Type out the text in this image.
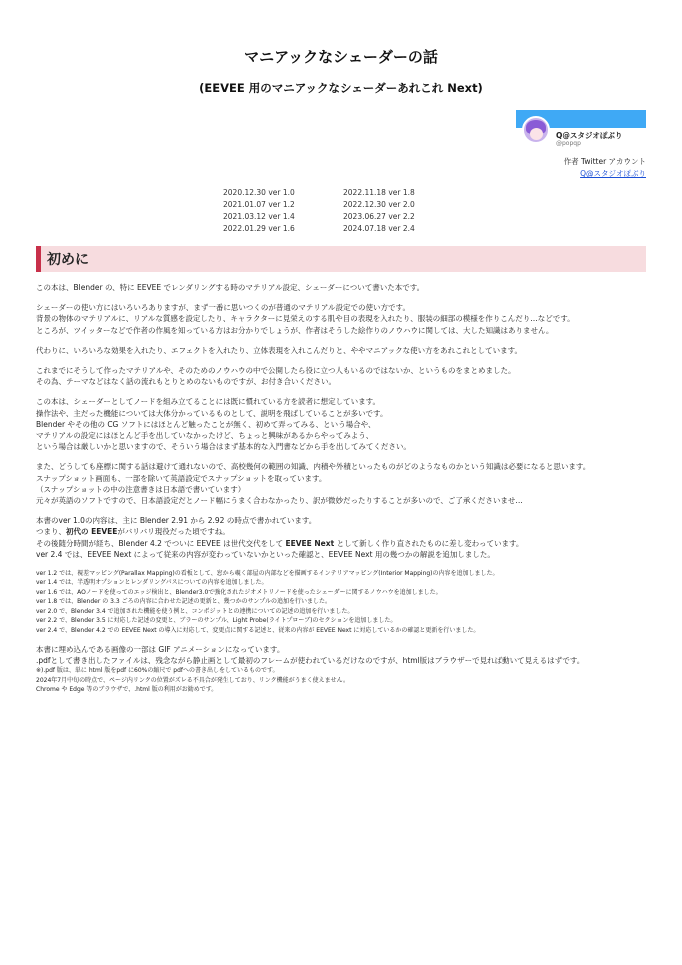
マニアックなシェーダーの話
(EEVEE 用のマニアックなシェーダーあれこれ Next)
Q@スタジオぽぶり
@popqp
作者 Twitter アカウント
Q@スタジオぽぶり
2020.12.30 ver 1.0	2022.11.18 ver 1.8
2021.01.07 ver 1.2	2022.12.30 ver 2.0
2021.03.12 ver 1.4	2023.06.27 ver 2.2
2022.01.29 ver 1.6	2024.07.18 ver 2.4
初めに

この本は、Blender の、特に EEVEE でレンダリングする時のマテリアル設定、シェーダーについて書いた本です。

シェーダーの使い方にはいろいろありますが、まず一番に思いつくのが普通のマテリアル設定での使い方です。
背景の物体のマテリアルに、リアルな質感を設定したり、キャラクターに見栄えのする肌や目の表現を入れたり、服装の細部の模様を作りこんだり…などです。
ところが、ツイッターなどで作者の作風を知っている方はお分かりでしょうが、作者はそうした絵作りのノウハウに関しては、大した知識はありません。

代わりに、いろいろな効果を入れたり、エフェクトを入れたり、立体表現を入れこんだりと、ややマニアックな使い方をあれこれとしています。

これまでにそうして作ったマテリアルや、そのためのノウハウの中で公開したら役に立つ人もいるのではないか、というものをまとめました。
その為、テーマなどはなく話の流れもとりとめのないものですが、お付き合いください。

この本は、シェーダーとしてノードを組み立てることには既に慣れている方を読者に想定しています。
操作法や、主だった機能については大体分かっているものとして、説明を飛ばしていることが多いです。
Blender やその他の CG ソフトにはほとんど触ったことが無く、初めて弄ってみる、という場合や、
マテリアルの設定にはほとんど手を出していなかったけど、ちょっと興味があるからやってみよう、
という場合は厳しいかと思いますので、そういう場合はまず基本的な入門書などから手を出してみてください。

また、どうしても座標に関する話は避けて通れないので、高校幾何の範囲の知識、内積や外積といったものがどのようなものかという知識は必要になると思います。
スナップショット画面も、一部を除いて英語設定でスナップショットを取っています。
（スナップショットの中の注意書きは日本語で書いています）
元々が英語のソフトですので、日本語設定だとノード幅にうまく合わなかったり、訳が微妙だったりすることが多いので、ご了承くださいませ…

本書のver 1.0の内容は、主に Blender 2.91 から 2.92 の時点で書かれています。
つまり、初代の EEVEEがバリバリ現役だった頃ですね。
その後随分時間が経ち、Blender 4.2 でついに EEVEE は世代交代をして EEVEE Next として新しく作り直されたものに差し変わっています。
ver 2.4 では、EEVEE Next によって従来の内容が変わっていないかといった確認と、EEVEE Next 用の幾つかの解説を追加しました。

ver 1.2 では、視差マッピング(Parallax Mapping)の看板として、窓から覗く部屋の内部などを描画するインテリアマッピング(Interior Mapping)の内容を追加しました。
ver 1.4 では、半透明オプションとレンダリングパスについての内容を追加しました。
ver 1.6 では、AOノードを使ってのエッジ検出と、Blender3.0で強化されたジオメトリノードを使ったシェーダーに関するノウハウを追加しました。
ver 1.8 では、Blender の 3.3 ごろの内容に合わせた記述の更新と、幾つかのサンプルの追加を行いました。
ver 2.0 で、Blender 3.4 で追加された機能を使う例と、コンポジットとの連携についての記述の追加を行いました。
ver 2.2 で、Blender 3.5 に対応した記述の変更と、ブラーのサンプル、Light Probe(ライトプローブ)のセクションを追加しました。
ver 2.4 で、Blender 4.2 での EEVEE Next の導入に対応して、変更点に関する記述と、従来の内容が EEVEE Next に対応しているかの確認と更新を行いました。

本書に埋め込んである画像の一部は GIF アニメーションになっています。
.pdfとして書き出したファイルは、残念ながら静止画として最初のフレームが使われているだけなのですが、html版はブラウザーで見れば動いて見えるはずです。

※).pdf 版は、単に html 版をpdf に60%の縮尺で pdfへの書き出しをしているものです。
2024年7月中旬の時点で、ページ内リンクの位置がズレる不具合が発生しており、リンク機能がうまく使えません。
Chrome や Edge 等のブラウザで、.html 版の利用がお勧めです。
